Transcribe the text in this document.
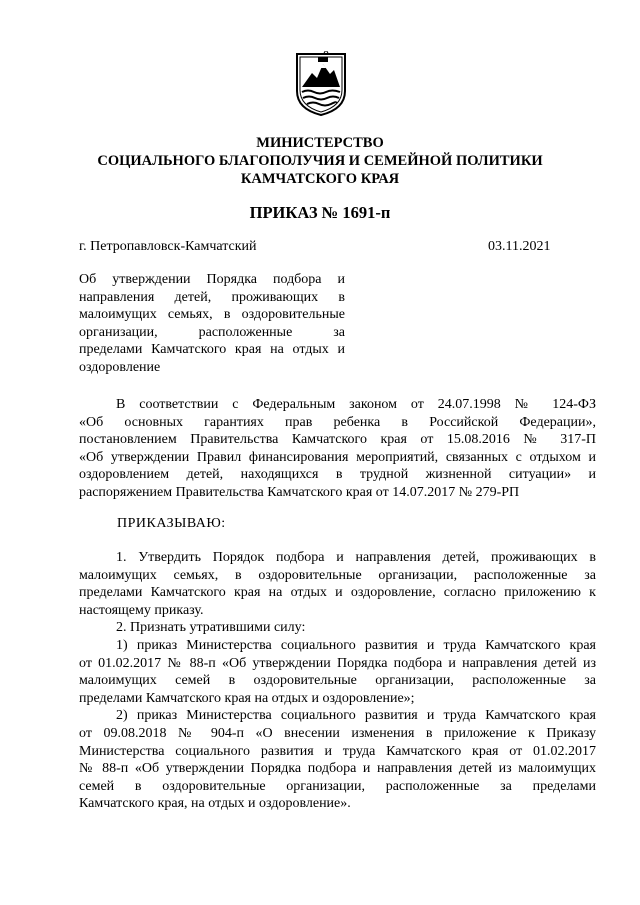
МИНИСТЕРСТВО
СОЦИАЛЬНОГО БЛАГОПОЛУЧИЯ И СЕМЕЙНОЙ ПОЛИТИКИ
КАМЧАТСКОГО КРАЯ
ПРИКАЗ № 1691-п
г. Петропавловск-Камчатский	03.11.2021
Об утверждении Порядка подбора и
направления детей, проживающих в
малоимущих семьях, в оздоровительные
организации, расположенные за
пределами Камчатского края на отдых и
оздоровление
В соответствии с Федеральным законом от 24.07.1998 № 124-ФЗ
«Об основных гарантиях прав ребенка в Российской Федерации»,
постановлением Правительства Камчатского края от 15.08.2016 № 317-П
«Об утверждении Правил финансирования мероприятий, связанных с отдыхом и
оздоровлением детей, находящихся в трудной жизненной ситуации» и
распоряжением Правительства Камчатского края от 14.07.2017 № 279-РП
ПРИКАЗЫВАЮ:
1. Утвердить Порядок подбора и направления детей, проживающих в
малоимущих семьях, в оздоровительные организации, расположенные за
пределами Камчатского края на отдых и оздоровление, согласно приложению к
настоящему приказу.
2. Признать утратившими силу:
1) приказ Министерства социального развития и труда Камчатского края
от 01.02.2017 № 88-п «Об утверждении Порядка подбора и направления детей из
малоимущих семей в оздоровительные организации, расположенные за
пределами Камчатского края на отдых и оздоровление»;
2) приказ Министерства социального развития и труда Камчатского края
от 09.08.2018 № 904-п «О внесении изменения в приложение к Приказу
Министерства социального развития и труда Камчатского края от 01.02.2017
№ 88-п «Об утверждении Порядка подбора и направления детей из малоимущих
семей в оздоровительные организации, расположенные за пределами
Камчатского края, на отдых и оздоровление».
